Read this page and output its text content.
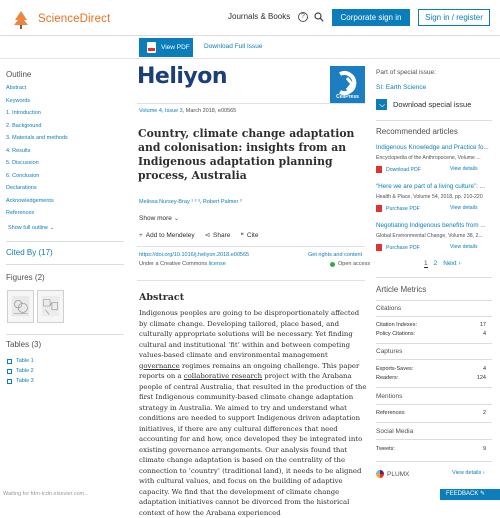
ScienceDirect	Journals & Books	?	Corporate sign in	Sign in / register
View PDF	Download Full Issue
Outline
Abstract
Keywords
1. Introduction
2. Background
3. Materials and methods
4. Results
5. Discussion
6. Conclusion
Declarations
Acknowledgements
References
Show full outline ⌄
Cited By (17)
Figures (2)
Tables (3)
Table 1
Table 2
Table 3
Heliyon
CellPress
Volume 4, Issue 3, March 2018, e00565
Country, climate change adaptation and colonisation: insights from an Indigenous adaptation planning process, Australia
Melissa Nursey-Bray ¹ ² ³, Robert Palmer ³
Show more ⌄
+ Add to Mendeley ⊲ Share ❝ Cite
https://doi.org/10.1016/j.heliyon.2018.e00565	Get rights and content
Under a Creative Commons license	Open access
Abstract

Indigenous peoples are going to be disproportionately affected by climate change. Developing tailored, place based, and culturally appropriate solutions will be necessary. Yet finding cultural and institutional ‘fit’ within and between competing values-based climate and environmental management governance regimes remains an ongoing challenge. This paper reports on a collaborative research project with the Arabana people of central Australia, that resulted in the production of the first Indigenous community-based climate change adaptation strategy in Australia. We aimed to try and understand what conditions are needed to support Indigenous driven adaptation initiatives, if there are any cultural differences that need accounting for and how, once developed they be integrated into existing governance arrangements. Our analysis found that climate change adaptation is based on the centrality of the connection to ‘country’ (traditional land), it needs to be aligned with cultural values, and focus on the building of adaptive capacity. We find that the development of climate change adaptation initiatives cannot be divorced from the historical context of how the Arabana experienced

Part of special issue:
SI: Earth Science
Download special issue
Recommended articles
Indigenous Knowledge and Practice fo...
Encyclopedia of the Anthropocene, Volume ...
Download PDF	View details
“Here we are part of a living culture”: ...
Health & Place, Volume 54, 2018, pp. 210-220
Purchase PDF	View details
Negotiating Indigenous benefits from ...
Global Environmental Change, Volume 38, 2...
Purchase PDF	View details
1 2 Next ›
Article Metrics
Citations
Citation Indexes:	17
Policy Citations:	4
Captures
Exports-Saves:	4
Readers:	124
Mentions
References:	2
Social Media
Tweets:	9
PLUMX	View details ›
FEEDBACK ✎
Waiting for fdm-tcdn.elsevier.com...
